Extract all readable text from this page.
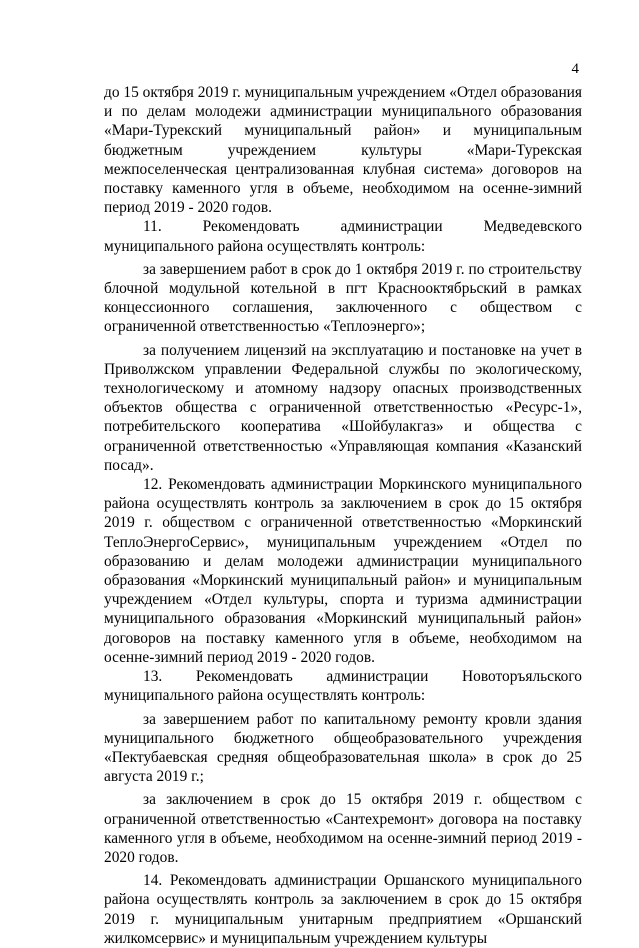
4

до 15 октября 2019 г. муниципальным учреждением «Отдел образования и по делам молодежи администрации муниципального образования «Мари-Турекский муниципальный район» и муниципальным бюджетным учреждением культуры «Мари-Турекская межпоселенческая централизованная клубная система» договоров на поставку каменного угля в объеме, необходимом на осенне-зимний период 2019 - 2020 годов.

11. Рекомендовать администрации Медведевского муниципального района осуществлять контроль:

за завершением работ в срок до 1 октября 2019 г. по строительству блочной модульной котельной в пгт Краснооктябрьский в рамках концессионного соглашения, заключенного с обществом с ограниченной ответственностью «Теплоэнерго»;

за получением лицензий на эксплуатацию и постановке на учет в Приволжском управлении Федеральной службы по экологическому, технологическому и атомному надзору опасных производственных объектов общества с ограниченной ответственностью «Ресурс-1», потребительского кооператива «Шойбулакгаз» и общества с ограниченной ответственностью «Управляющая компания «Казанский посад».

12. Рекомендовать администрации Моркинского муниципального района осуществлять контроль за заключением в срок до 15 октября 2019 г. обществом с ограниченной ответственностью «Моркинский ТеплоЭнергоСервис», муниципальным учреждением «Отдел по образованию и делам молодежи администрации муниципального образования «Моркинский муниципальный район» и муниципальным учреждением «Отдел культуры, спорта и туризма администрации муниципального образования «Моркинский муниципальный район» договоров на поставку каменного угля в объеме, необходимом на осенне-зимний период 2019 - 2020 годов.

13. Рекомендовать администрации Новоторъяльского муниципального района осуществлять контроль:

за завершением работ по капитальному ремонту кровли здания муниципального бюджетного общеобразовательного учреждения «Пектубаевская средняя общеобразовательная школа» в срок до 25 августа 2019 г.;

за заключением в срок до 15 октября 2019 г. обществом с ограниченной ответственностью «Сантехремонт» договора на поставку каменного угля в объеме, необходимом на осенне-зимний период 2019 - 2020 годов.

14. Рекомендовать администрации Оршанского муниципального района осуществлять контроль за заключением в срок до 15 октября 2019 г. муниципальным унитарным предприятием «Оршанский жилкомсервис» и муниципальным учреждением культуры
